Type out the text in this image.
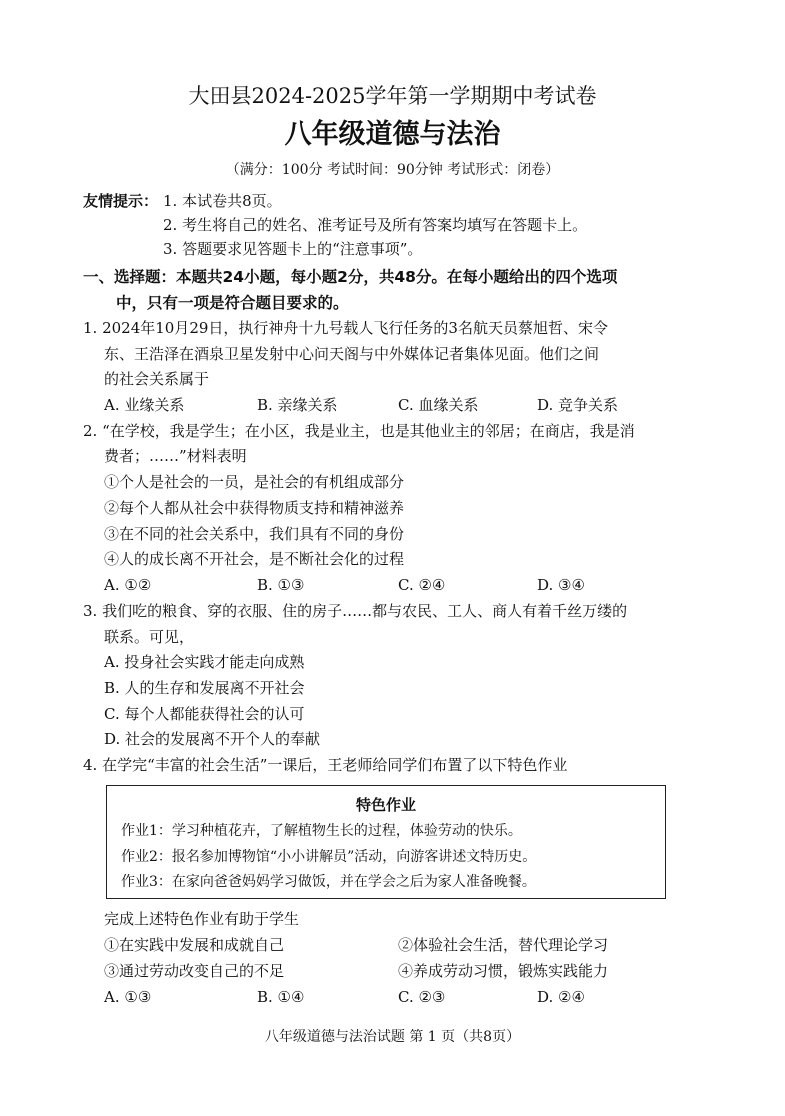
大田县2024-2025学年第一学期期中考试卷
八年级道德与法治
（满分：100分 考试时间：90分钟 考试形式：闭卷）
友情提示： 1. 本试卷共8页。
2. 考生将自己的姓名、准考证号及所有答案均填写在答题卡上。
3. 答题要求见答题卡上的“注意事项”。
一、选择题：本题共24小题，每小题2分，共48分。在每小题给出的四个选项
中，只有一项是符合题目要求的。
1. 2024年10月29日，执行神舟十九号载人飞行任务的3名航天员蔡旭哲、宋令
东、王浩泽在酒泉卫星发射中心问天阁与中外媒体记者集体见面。他们之间
的社会关系属于
A. 业缘关系	B. 亲缘关系	C. 血缘关系	D. 竞争关系
2. “在学校，我是学生；在小区，我是业主，也是其他业主的邻居；在商店，我是消
费者；……”材料表明
①个人是社会的一员，是社会的有机组成部分
②每个人都从社会中获得物质支持和精神滋养
③在不同的社会关系中，我们具有不同的身份
④人的成长离不开社会，是不断社会化的过程
A. ①②	B. ①③	C. ②④	D. ③④
3. 我们吃的粮食、穿的衣服、住的房子……都与农民、工人、商人有着千丝万缕的
联系。可见，
A. 投身社会实践才能走向成熟
B. 人的生存和发展离不开社会
C. 每个人都能获得社会的认可
D. 社会的发展离不开个人的奉献
4. 在学完“丰富的社会生活”一课后，王老师给同学们布置了以下特色作业
特色作业
作业1：学习种植花卉，了解植物生长的过程，体验劳动的快乐。
作业2：报名参加博物馆“小小讲解员”活动，向游客讲述文特历史。
作业3：在家向爸爸妈妈学习做饭，并在学会之后为家人准备晚餐。
完成上述特色作业有助于学生
①在实践中发展和成就自己	②体验社会生活，替代理论学习
③通过劳动改变自己的不足	④养成劳动习惯，锻炼实践能力
A. ①③	B. ①④	C. ②③	D. ②④
八年级道德与法治试题 第 1 页（共8页）
